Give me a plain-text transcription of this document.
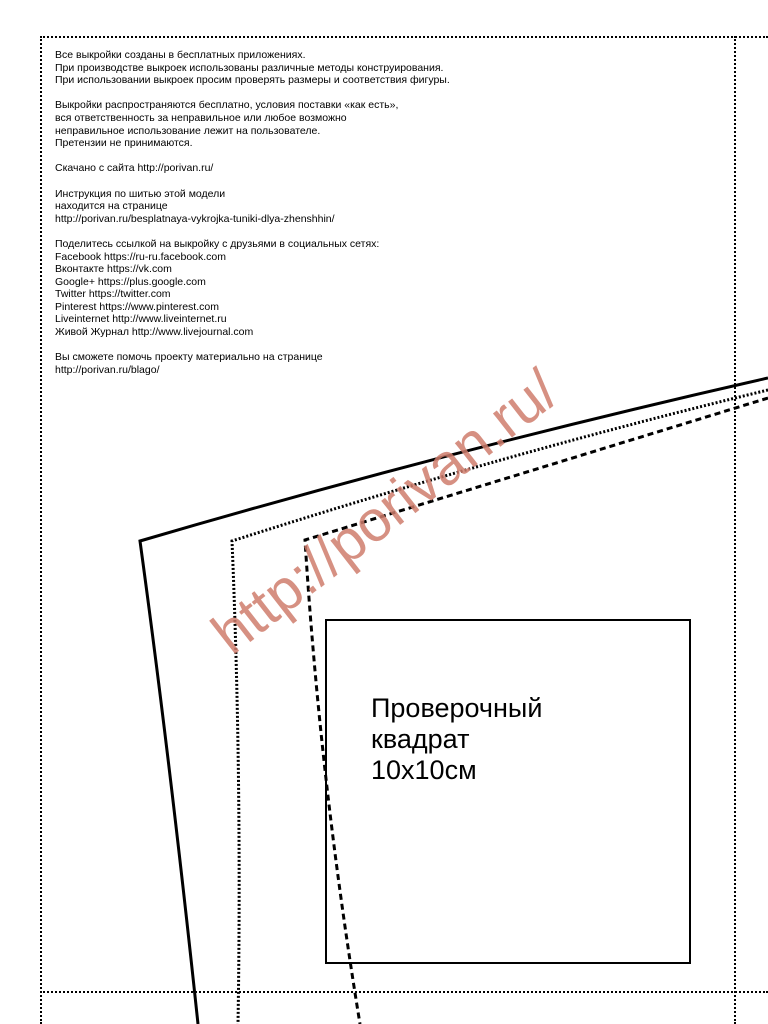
Все выкройки созданы в бесплатных приложениях.
При производстве выкроек использованы различные методы конструирования.
При использовании выкроек просим проверять размеры и соответствия фигуры.
Выкройки распространяются бесплатно, условия поставки «как есть»,
вся ответственность за неправильное или любое возможно
неправильное использование лежит на пользователе.
Претензии не принимаются.
Скачано с сайта http://porivan.ru/
Инструкция по шитью этой модели
находится на странице
http://porivan.ru/besplatnaya-vykrojka-tuniki-dlya-zhenshhin/
Поделитесь ссылкой на выкройку с друзьями в социальных сетях:
Facebook https://ru-ru.facebook.com
Вконтакте https://vk.com
Google+ https://plus.google.com
Twitter https://twitter.com
Pinterest https://www.pinterest.com
Liveinternet http://www.liveinternet.ru
Живой Журнал http://www.livejournal.com
Вы сможете помочь проекту материально на странице
http://porivan.ru/blago/
Проверочный
квадрат
10x10см
http://porivan.ru/
